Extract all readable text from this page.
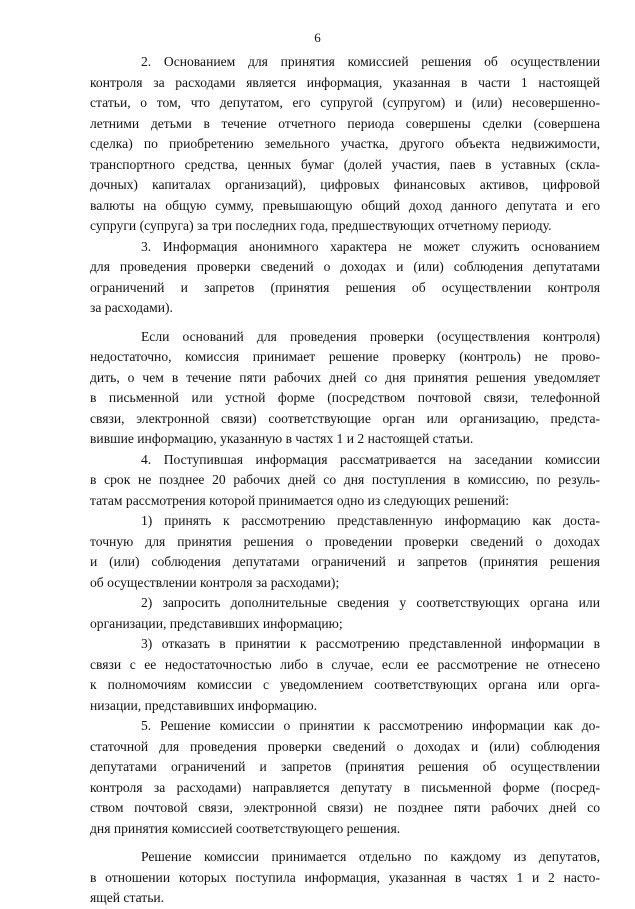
6
2. Основанием для принятия комиссией решения об осуществлении
контроля за расходами является информация, указанная в части 1 настоящей
статьи, о том, что депутатом, его супругой (супругом) и (или) несовершенно-
летними детьми в течение отчетного периода совершены сделки (совершена
сделка) по приобретению земельного участка, другого объекта недвижимости,
транспортного средства, ценных бумаг (долей участия, паев в уставных (скла-
дочных) капиталах организаций), цифровых финансовых активов, цифровой
валюты на общую сумму, превышающую общий доход данного депутата и его
супруги (супруга) за три последних года, предшествующих отчетному периоду.
3. Информация анонимного характера не может служить основанием
для проведения проверки сведений о доходах и (или) соблюдения депутатами
ограничений и запретов (принятия решения об осуществлении контроля
за расходами).
Если оснований для проведения проверки (осуществления контроля)
недостаточно, комиссия принимает решение проверку (контроль) не прово-
дить, о чем в течение пяти рабочих дней со дня принятия решения уведомляет
в письменной или устной форме (посредством почтовой связи, телефонной
связи, электронной связи) соответствующие орган или организацию, предста-
вившие информацию, указанную в частях 1 и 2 настоящей статьи.
4. Поступившая информация рассматривается на заседании комиссии
в срок не позднее 20 рабочих дней со дня поступления в комиссию, по резуль-
татам рассмотрения которой принимается одно из следующих решений:
1) принять к рассмотрению представленную информацию как доста-
точную для принятия решения о проведении проверки сведений о доходах
и (или) соблюдения депутатами ограничений и запретов (принятия решения
об осуществлении контроля за расходами);
2) запросить дополнительные сведения у соответствующих органа или
организации, представивших информацию;
3) отказать в принятии к рассмотрению представленной информации в
связи с ее недостаточностью либо в случае, если ее рассмотрение не отнесено
к полномочиям комиссии с уведомлением соответствующих органа или орга-
низации, представивших информацию.
5. Решение комиссии о принятии к рассмотрению информации как до-
статочной для проведения проверки сведений о доходах и (или) соблюдения
депутатами ограничений и запретов (принятия решения об осуществлении
контроля за расходами) направляется депутату в письменной форме (посред-
ством почтовой связи, электронной связи) не позднее пяти рабочих дней со
дня принятия комиссией соответствующего решения.
Решение комиссии принимается отдельно по каждому из депутатов,
в отношении которых поступила информация, указанная в частях 1 и 2 насто-
ящей статьи.
